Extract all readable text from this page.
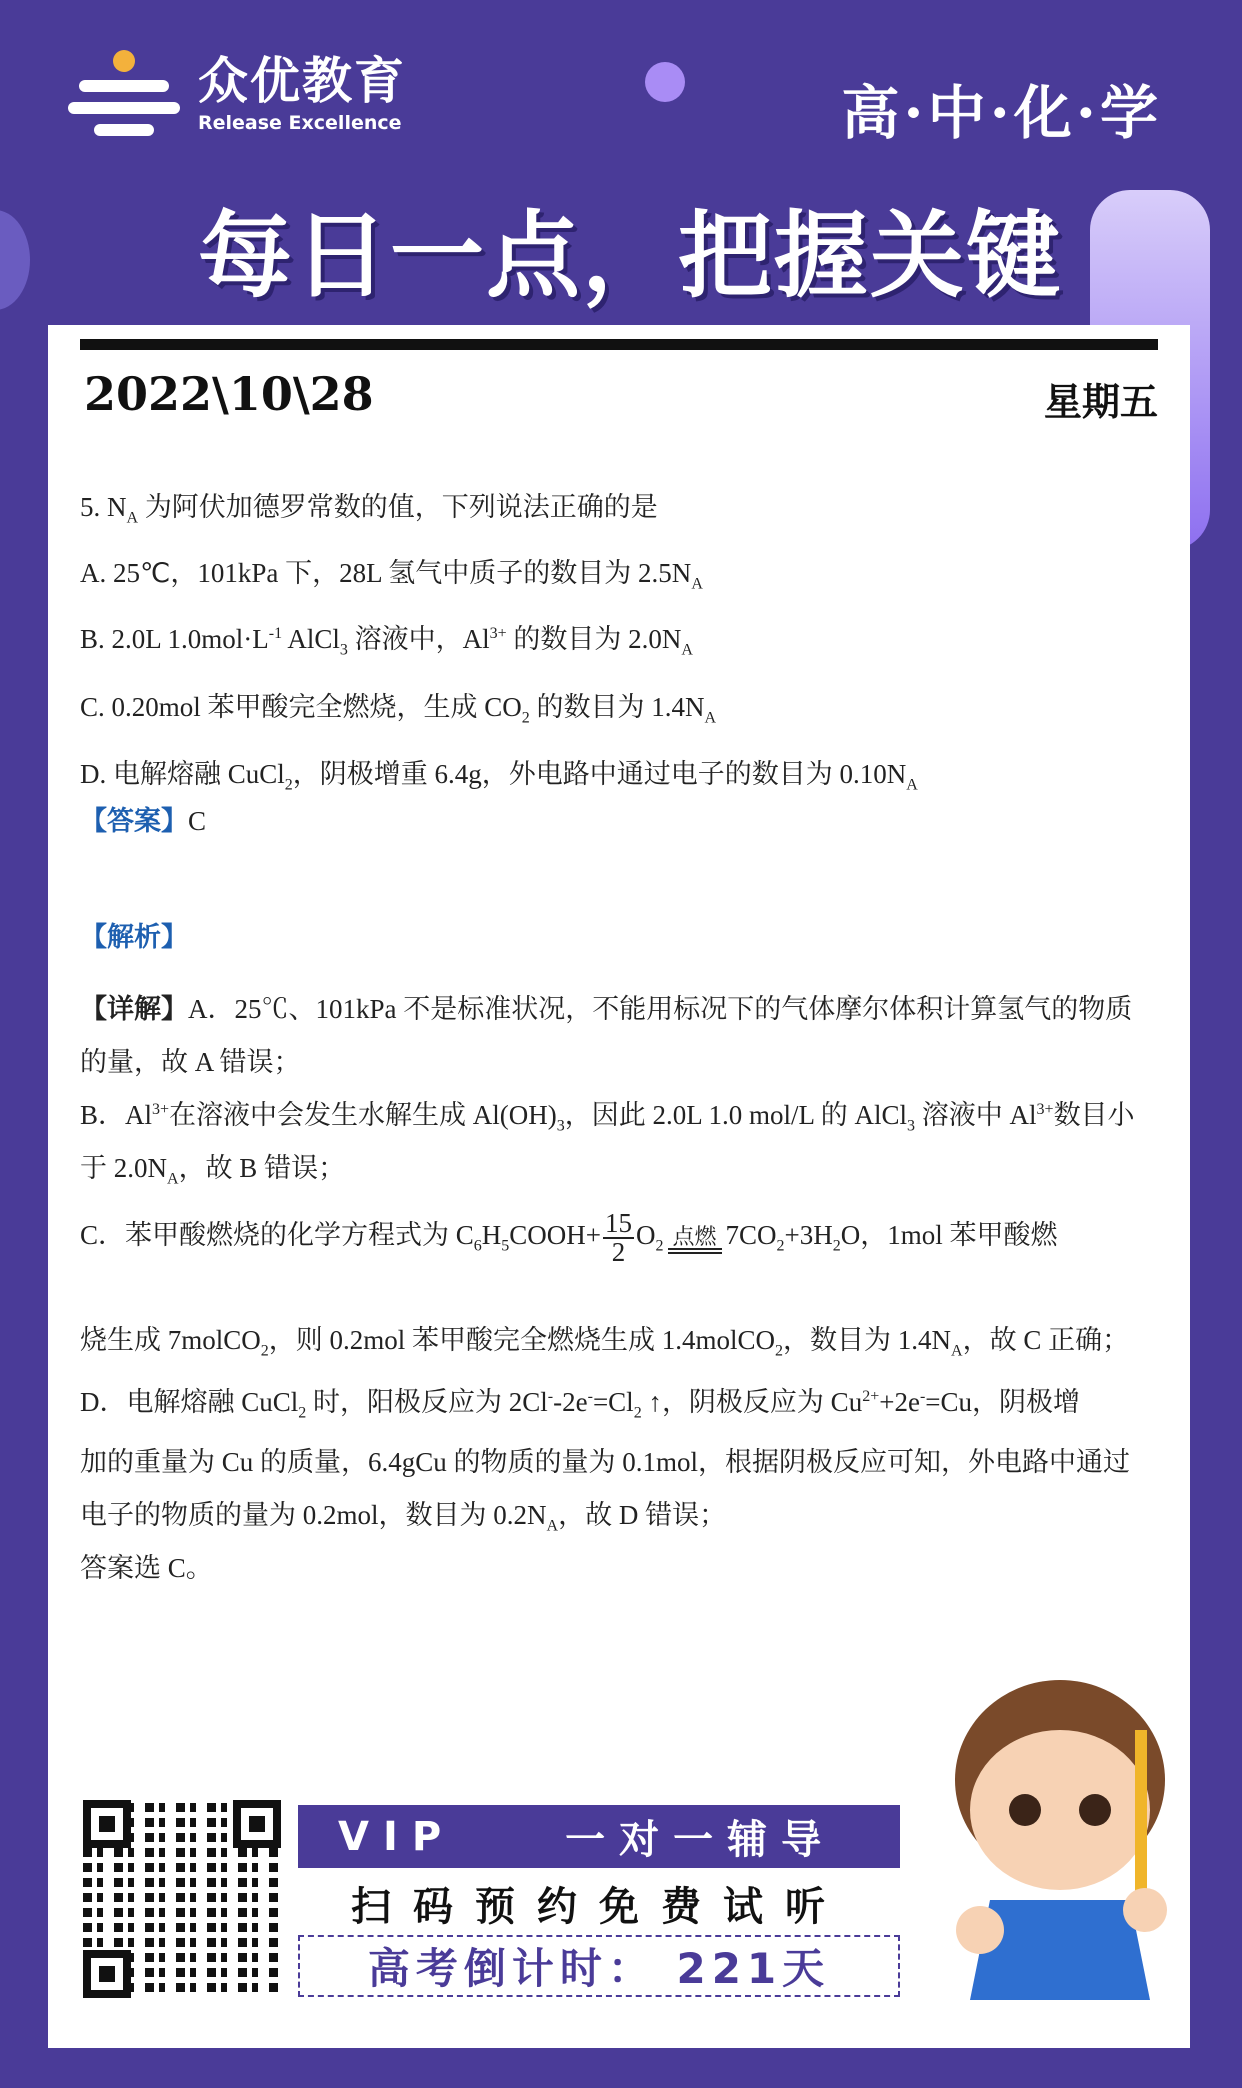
众优教育
Release Excellence	高·中·化·学
每日一点，把握关键
2022\10\28	星期五
【答案】C
【解析】
5. $N_A$ 为阿伏加德罗常数的值，下列说法正确的是
A. 25℃，101kPa 下，28L 氢气中质子的数目为 $2.5N_A$
B. 2.0L $1.0mol\cdot L^{-1}$ AlCl$_3$ 溶液中，$Al^{3+}$ 的数目为 $2.0N_A$
C. 0.20mol 苯甲酸完全燃烧，生成 $CO_2$ 的数目为 $1.4N_A$
D. 电解熔融 CuCl$_2$，阴极增重 6.4g，外电路中通过电子的数目为 $0.10N_A$
【详解】A．25℃、101kPa 不是标准状况，不能用标况下的气体摩尔体积计算氢气的物质
的量，故 A 错误；
B．$Al^{3+}$在溶液中会发生水解生成 $Al(OH)_3$，因此 2.0L 1.0 mol/L 的 AlCl$_3$ 溶液中 $Al^{3+}$数目小
于 $2.0N_A$，故 B 错误；
C．苯甲酸燃烧的化学方程式为 $C_6H_5COOH+ \frac{15}{2} O_2$ 点燃 $7CO_2+3H_2O$，1mol 苯甲酸燃
烧生成 7molCO$_2$，则 0.2mol 苯甲酸完全燃烧生成 1.4molCO$_2$，数目为 $1.4N_A$，故 C 正确；
D．电解熔融 CuCl$_2$ 时，阳极反应为 $2Cl^--2e^-=Cl_2$ ↑，阴极反应为 $Cu^{2+}+2e^-=Cu$，阴极增
加的重量为 Cu 的质量，6.4gCu 的物质的量为 0.1mol，根据阴极反应可知，外电路中通过
电子的物质的量为 0.2mol，数目为 $0.2N_A$，故 D 错误；
答案选 C。
VIP	一对一辅导
扫码预约免费试听
高考倒计时： 221天
